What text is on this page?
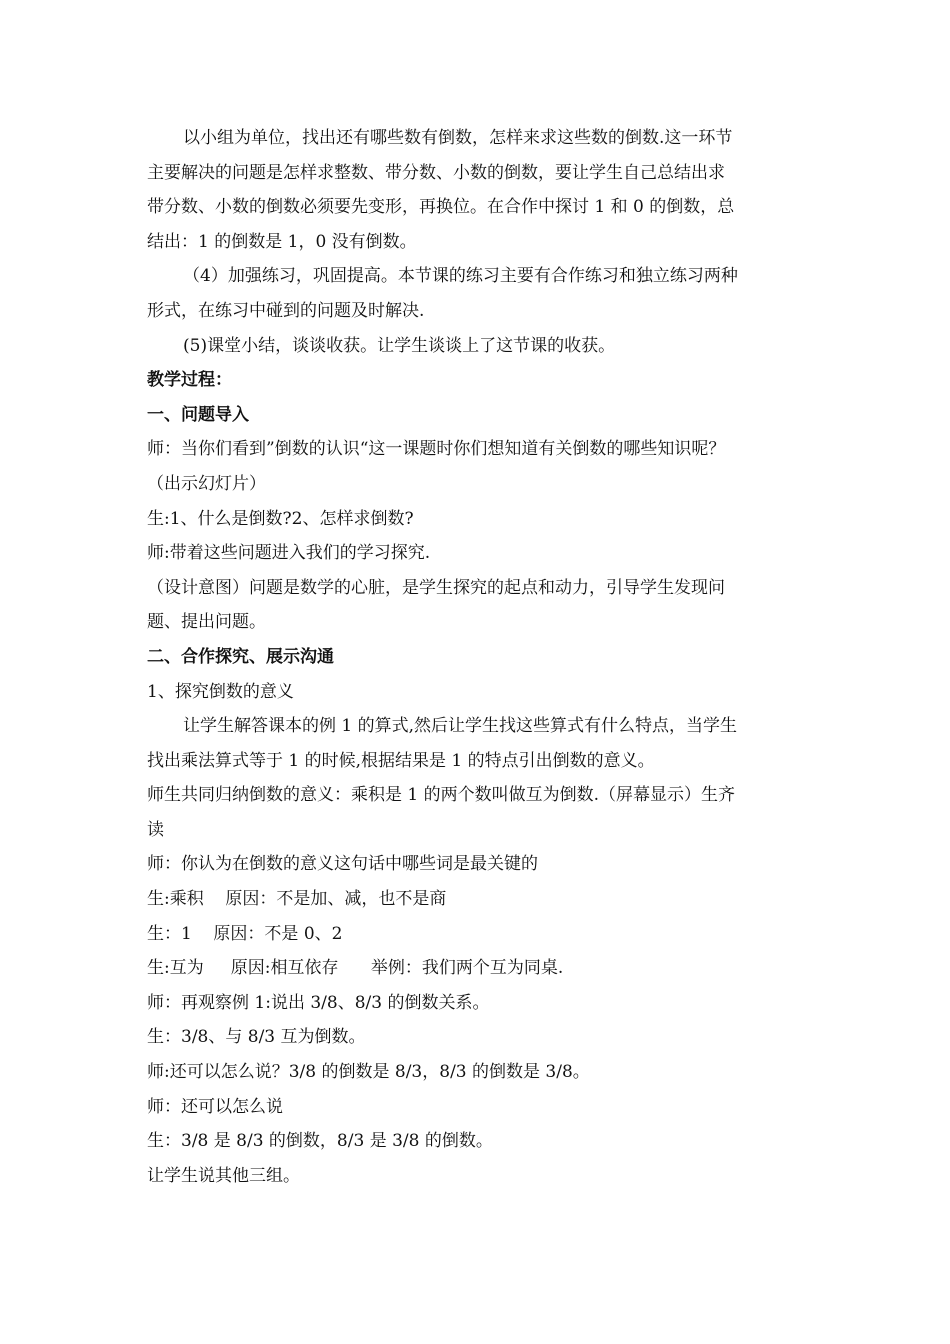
以小组为单位，找出还有哪些数有倒数，怎样来求这些数的倒数.这一环节
主要解决的问题是怎样求整数、带分数、小数的倒数，要让学生自己总结出求
带分数、小数的倒数必须要先变形，再换位。在合作中探讨 1 和 0 的倒数，总
结出：1 的倒数是 1，0 没有倒数。
（4）加强练习，巩固提高。本节课的练习主要有合作练习和独立练习两种
形式，在练习中碰到的问题及时解决.
(5)课堂小结，谈谈收获。让学生谈谈上了这节课的收获。
教学过程：
一、问题导入
师：当你们看到”倒数的认识“这一课题时你们想知道有关倒数的哪些知识呢？
（出示幻灯片）
生:1、什么是倒数?2、怎样求倒数?
师:带着这些问题进入我们的学习探究.
（设计意图）问题是数学的心脏，是学生探究的起点和动力，引导学生发现问
题、提出问题。
二、合作探究、展示沟通
1、探究倒数的意义
让学生解答课本的例 1 的算式,然后让学生找这些算式有什么特点，当学生
找出乘法算式等于 1 的时候,根据结果是 1 的特点引出倒数的意义。
师生共同归纳倒数的意义：乘积是 1 的两个数叫做互为倒数.（屏幕显示）生齐
读
师：你认为在倒数的意义这句话中哪些词是最关键的
生:乘积    原因：不是加、减，也不是商
生：1    原因：不是 0、2
生:互为     原因:相互依存      举例：我们两个互为同桌.
师：再观察例 1:说出 3/8、8/3 的倒数关系。
生：3/8、与 8/3 互为倒数。
师:还可以怎么说？3/8 的倒数是 8/3，8/3 的倒数是 3/8。
师：还可以怎么说
生：3/8 是 8/3 的倒数，8/3 是 3/8 的倒数。
让学生说其他三组。
